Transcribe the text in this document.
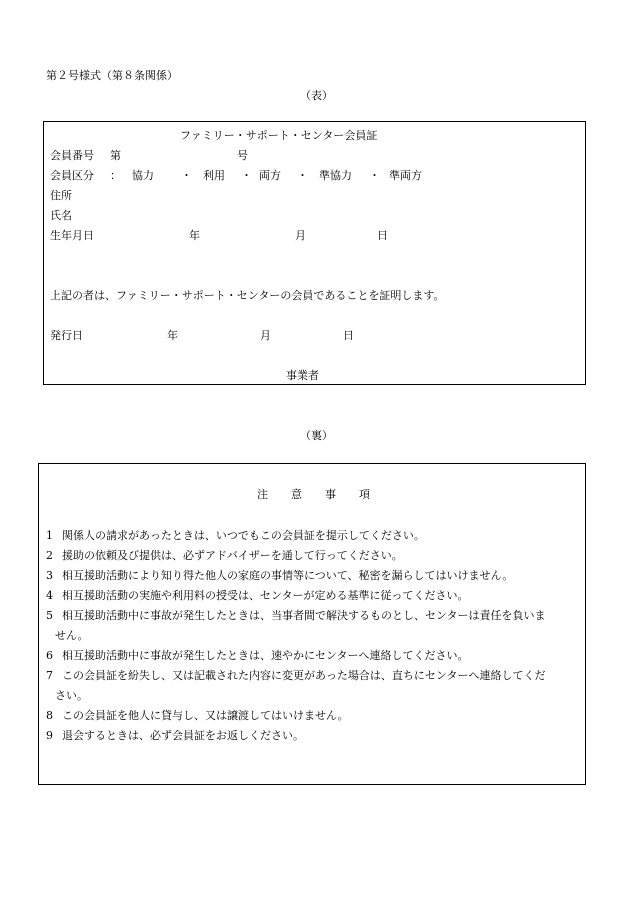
第２号様式（第８条関係）
（表）
ファミリー・サポート・センター会員証
会員番号 第	号
会員区分 ： 協力 ・ 利用 ・ 両方 ・ 準協力 ・ 準両方
住所
氏名
生年月日	年	月	日
上記の者は、ファミリー・サポート・センターの会員であることを証明します。
発行日	年	月	日
事業者
（裏）
注 意 事 項
1 関係人の請求があったときは、いつでもこの会員証を提示してください。
2 援助の依頼及び提供は、必ずアドバイザーを通して行ってください。
3 相互援助活動により知り得た他人の家庭の事情等について、秘密を漏らしてはいけません。
4 相互援助活動の実施や利用料の授受は、センターが定める基準に従ってください。
5 相互援助活動中に事故が発生したときは、当事者間で解決するものとし、センターは責任を負いま
せん。
6 相互援助活動中に事故が発生したときは、速やかにセンターへ連絡してください。
7 この会員証を紛失し、又は記載された内容に変更があった場合は、直ちにセンターへ連絡してくだ
さい。
8 この会員証を他人に貸与し、又は譲渡してはいけません。
9 退会するときは、必ず会員証をお返しください。
